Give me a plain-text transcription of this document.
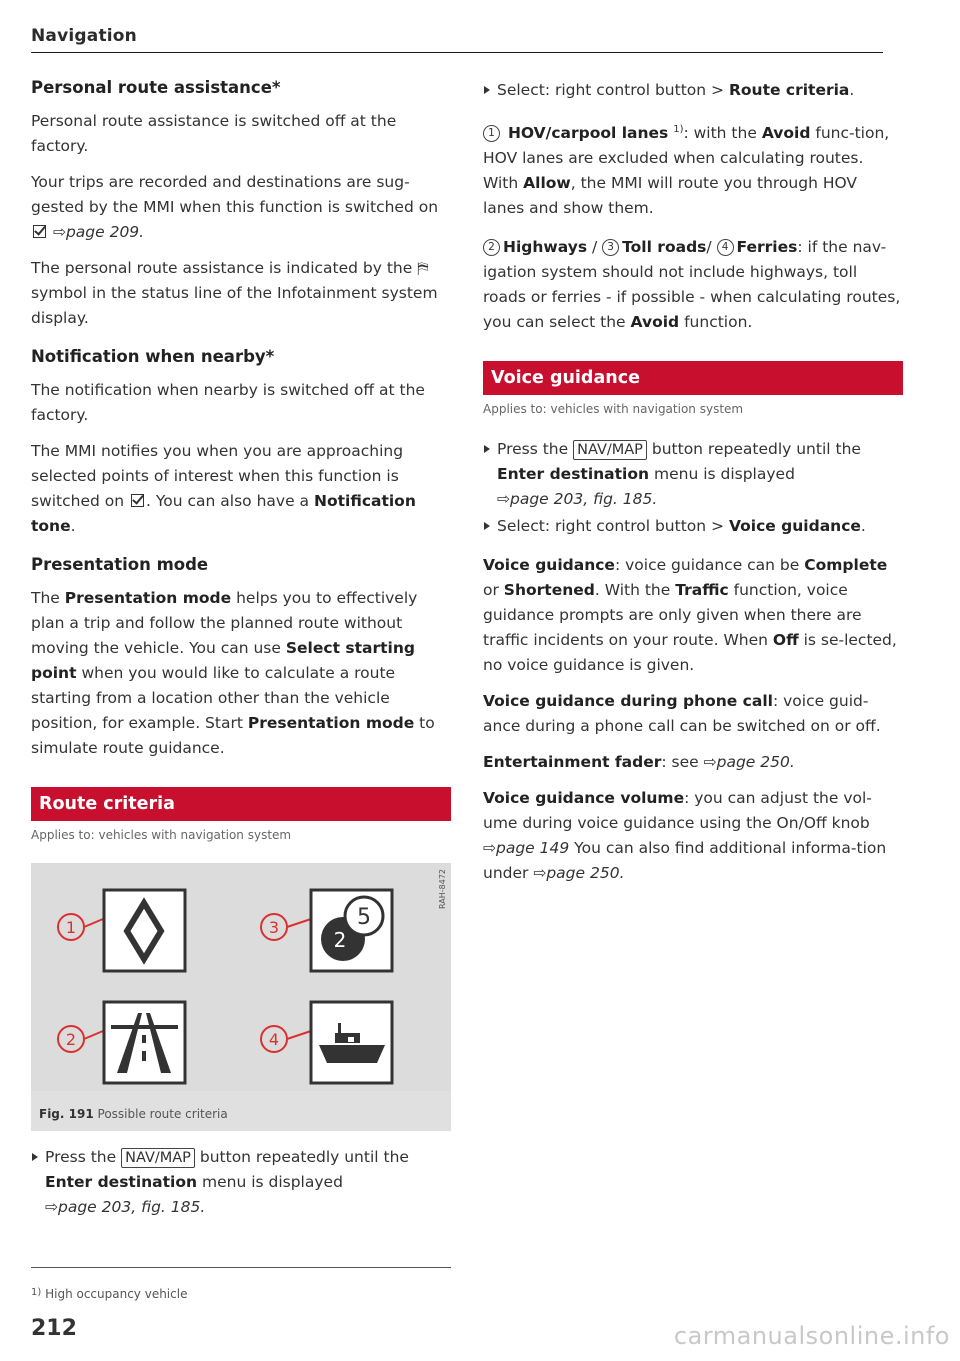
Navigation
Personal route assistance*

Personal route assistance is switched off at the factory.

Your trips are recorded and destinations are sug-gested by the MMI when this function is switched on  ⇨page 209.

The personal route assistance is indicated by the ⛿ symbol in the status line of the Infotainment system display.

Notification when nearby*

The notification when nearby is switched off at the factory.

The MMI notifies you when you are approaching selected points of interest when this function is switched on . You can also have a Notification tone.

Presentation mode

The Presentation mode helps you to effectively plan a trip and follow the planned route without moving the vehicle. You can use Select starting point when you would like to calculate a route starting from a location other than the vehicle position, for example. Start Presentation mode to simulate route guidance.

Route criteria
Applies to: vehicles with navigation system
1
2
3
4
5
2
RAH-8472
Fig. 191 Possible route criteria

Press the NAV/MAP button repeatedly until the Enter destination menu is displayed
⇨page 203, fig. 185.

$^{1)}$ High occupancy vehicle

212

Select: right control button > Route criteria.

1 HOV/carpool lanes $^{1)}$: with the Avoid func-tion, HOV lanes are excluded when calculating routes. With Allow, the MMI will route you through HOV lanes and show them.

2 Highways / 3 Toll roads/ 4 Ferries: if the nav-igation system should not include highways, toll roads or ferries - if possible - when calculating routes, you can select the Avoid function.

Voice guidance
Applies to: vehicles with navigation system

Press the NAV/MAP button repeatedly until the Enter destination menu is displayed
⇨page 203, fig. 185.

Select: right control button > Voice guidance.

Voice guidance: voice guidance can be Complete or Shortened. With the Traffic function, voice guidance prompts are only given when there are traffic incidents on your route. When Off is se-lected, no voice guidance is given.

Voice guidance during phone call: voice guid-ance during a phone call can be switched on or off.

Entertainment fader: see ⇨page 250.

Voice guidance volume: you can adjust the vol-ume during voice guidance using the On/Off knob ⇨page 149 You can also find additional informa-tion under ⇨page 250.

carmanualsonline.info
